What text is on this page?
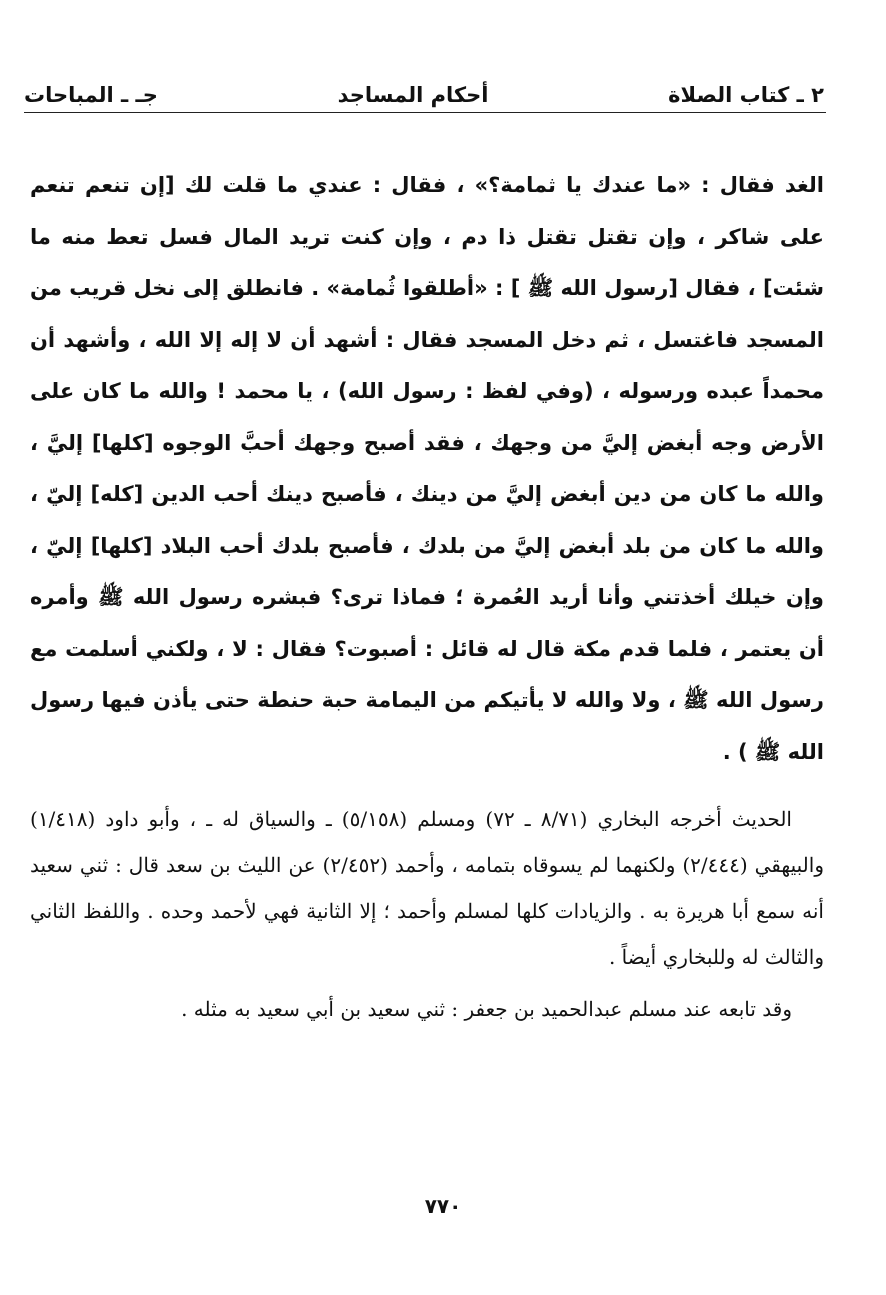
٢ ـ كتاب الصلاة
أحكام المساجد
جـ ـ المباحات

الغد فقال : «ما عندك يا ثمامة؟» ، فقال : عندي ما قلت لك [إن تنعم تنعم على شاكر ، وإن تقتل تقتل ذا دم ، وإن كنت تريد المال فسل تعط منه ما شئت] ، فقال [رسول الله ﷺ ] : «أطلقوا ثُمامة» . فانطلق إلى نخل قريب من المسجد فاغتسل ، ثم دخل المسجد فقال : أشهد أن لا إله إلا الله ، وأشهد أن محمداً عبده ورسوله ، (وفي لفظ : رسول الله) ، يا محمد ! والله ما كان على الأرض وجه أبغض إليَّ من وجهك ، فقد أصبح وجهك أحبَّ الوجوه [كلها] إليَّ ، والله ما كان من دين أبغض إليَّ من دينك ، فأصبح دينك أحب الدين [كله] إليّ ، والله ما كان من بلد أبغض إليَّ من بلدك ، فأصبح بلدك أحب البلاد [كلها] إليّ ، وإن خيلك أخذتني وأنا أريد العُمرة ؛ فماذا ترى؟ فبشره رسول الله ﷺ وأمره أن يعتمر ، فلما قدم مكة قال له قائل : أصبوت؟ فقال : لا ، ولكني أسلمت مع رسول الله ﷺ ، ولا والله لا يأتيكم من اليمامة حبة حنطة حتى يأذن فيها رسول الله ﷺ ) .

الحديث أخرجه البخاري (٨/٧١ ـ ٧٢) ومسلم (٥/١٥٨) ـ والسياق له ـ ، وأبو داود (١/٤١٨) والبيهقي (٢/٤٤٤) ولكنهما لم يسوقاه بتمامه ، وأحمد (٢/٤٥٢) عن الليث بن سعد قال : ثني سعيد أنه سمع أبا هريرة به . والزيادات كلها لمسلم وأحمد ؛ إلا الثانية فهي لأحمد وحده . واللفظ الثاني والثالث له وللبخاري أيضاً .

وقد تابعه عند مسلم عبدالحميد بن جعفر : ثني سعيد بن أبي سعيد به مثله .

٧٧٠
